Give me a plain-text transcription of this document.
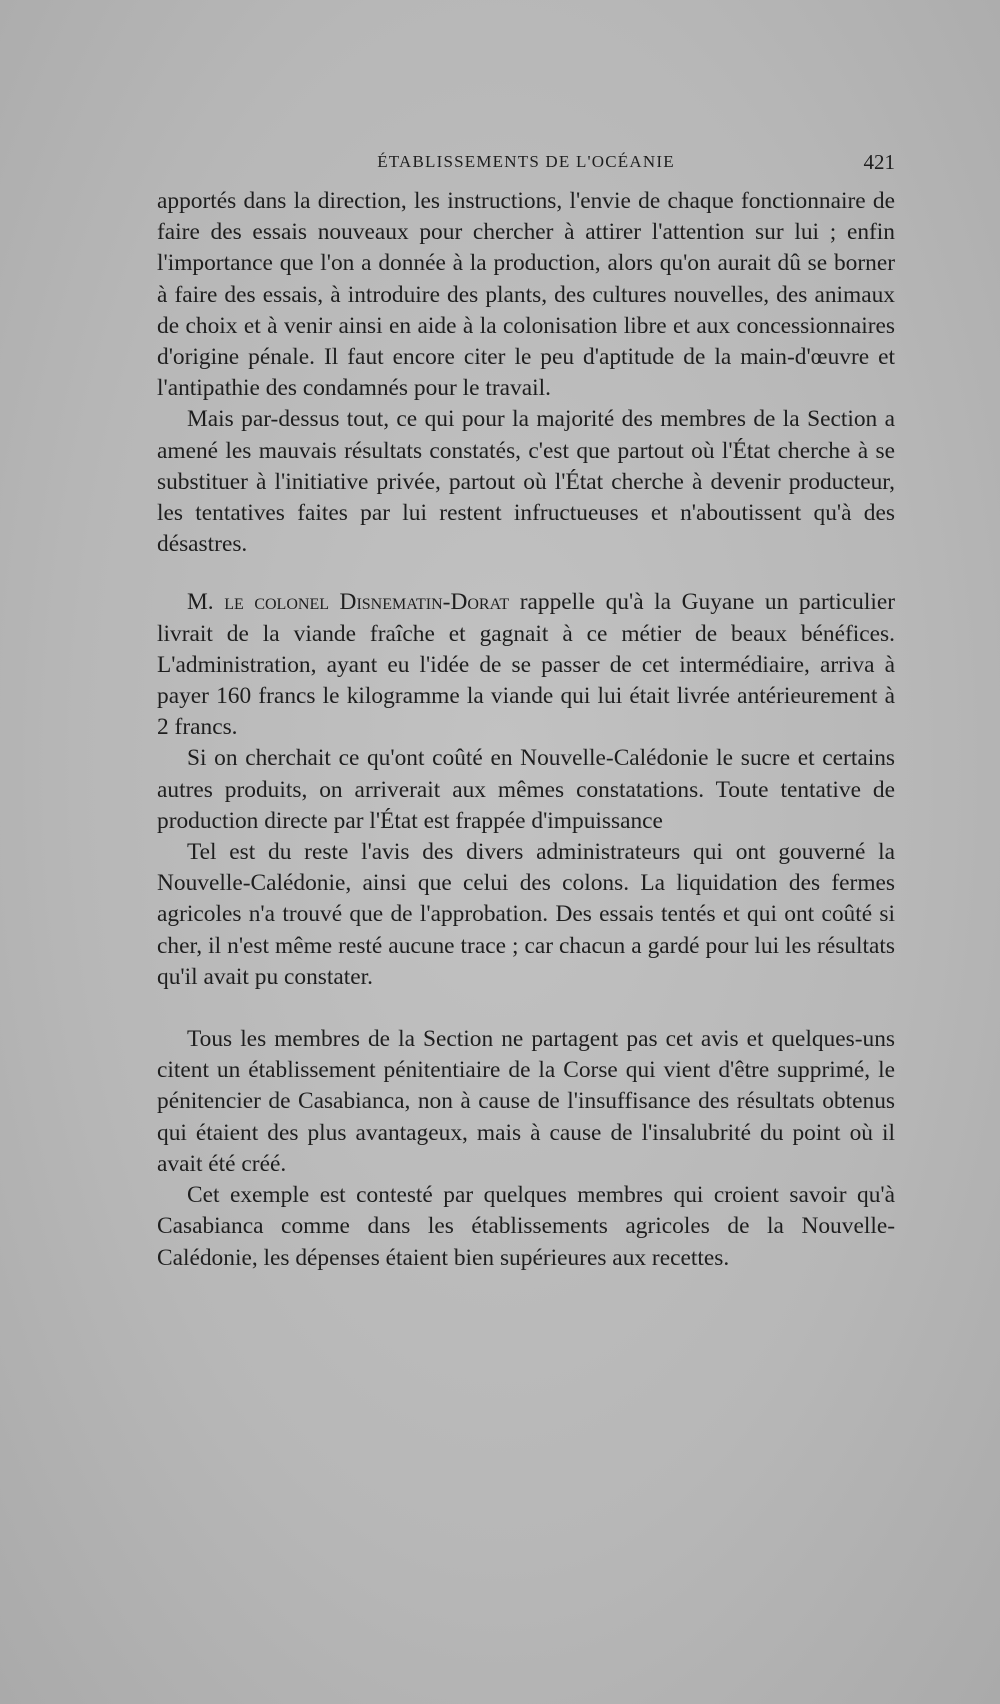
ÉTABLISSEMENTS DE L'OCÉANIE	421

apportés dans la direction, les instructions, l'envie de chaque fonctionnaire de faire des essais nouveaux pour chercher à attirer l'attention sur lui ; enfin l'importance que l'on a donnée à la production, alors qu'on aurait dû se borner à faire des essais, à introduire des plants, des cultures nouvelles, des animaux de choix et à venir ainsi en aide à la colonisation libre et aux concessionnaires d'origine pénale. Il faut encore citer le peu d'aptitude de la main-d'œuvre et l'antipathie des condamnés pour le travail.

Mais par-dessus tout, ce qui pour la majorité des membres de la Section a amené les mauvais résultats constatés, c'est que partout où l'État cherche à se substituer à l'initiative privée, partout où l'État cherche à devenir producteur, les tentatives faites par lui restent infructueuses et n'aboutissent qu'à des désastres.

M. le colonel Disnematin-Dorat rappelle qu'à la Guyane un particulier livrait de la viande fraîche et gagnait à ce métier de beaux bénéfices. L'administration, ayant eu l'idée de se passer de cet intermédiaire, arriva à payer 160 francs le kilogramme la viande qui lui était livrée antérieurement à 2 francs.

Si on cherchait ce qu'ont coûté en Nouvelle-Calédonie le sucre et certains autres produits, on arriverait aux mêmes constatations. Toute tentative de production directe par l'État est frappée d'impuissance

Tel est du reste l'avis des divers administrateurs qui ont gouverné la Nouvelle-Calédonie, ainsi que celui des colons. La liquidation des fermes agricoles n'a trouvé que de l'approbation. Des essais tentés et qui ont coûté si cher, il n'est même resté aucune trace ; car chacun a gardé pour lui les résultats qu'il avait pu constater.

Tous les membres de la Section ne partagent pas cet avis et quelques-uns citent un établissement pénitentiaire de la Corse qui vient d'être supprimé, le pénitencier de Casabianca, non à cause de l'insuffisance des résultats obtenus qui étaient des plus avantageux, mais à cause de l'insalubrité du point où il avait été créé.

Cet exemple est contesté par quelques membres qui croient savoir qu'à Casabianca comme dans les établissements agricoles de la Nouvelle-Calédonie, les dépenses étaient bien supérieures aux recettes.
